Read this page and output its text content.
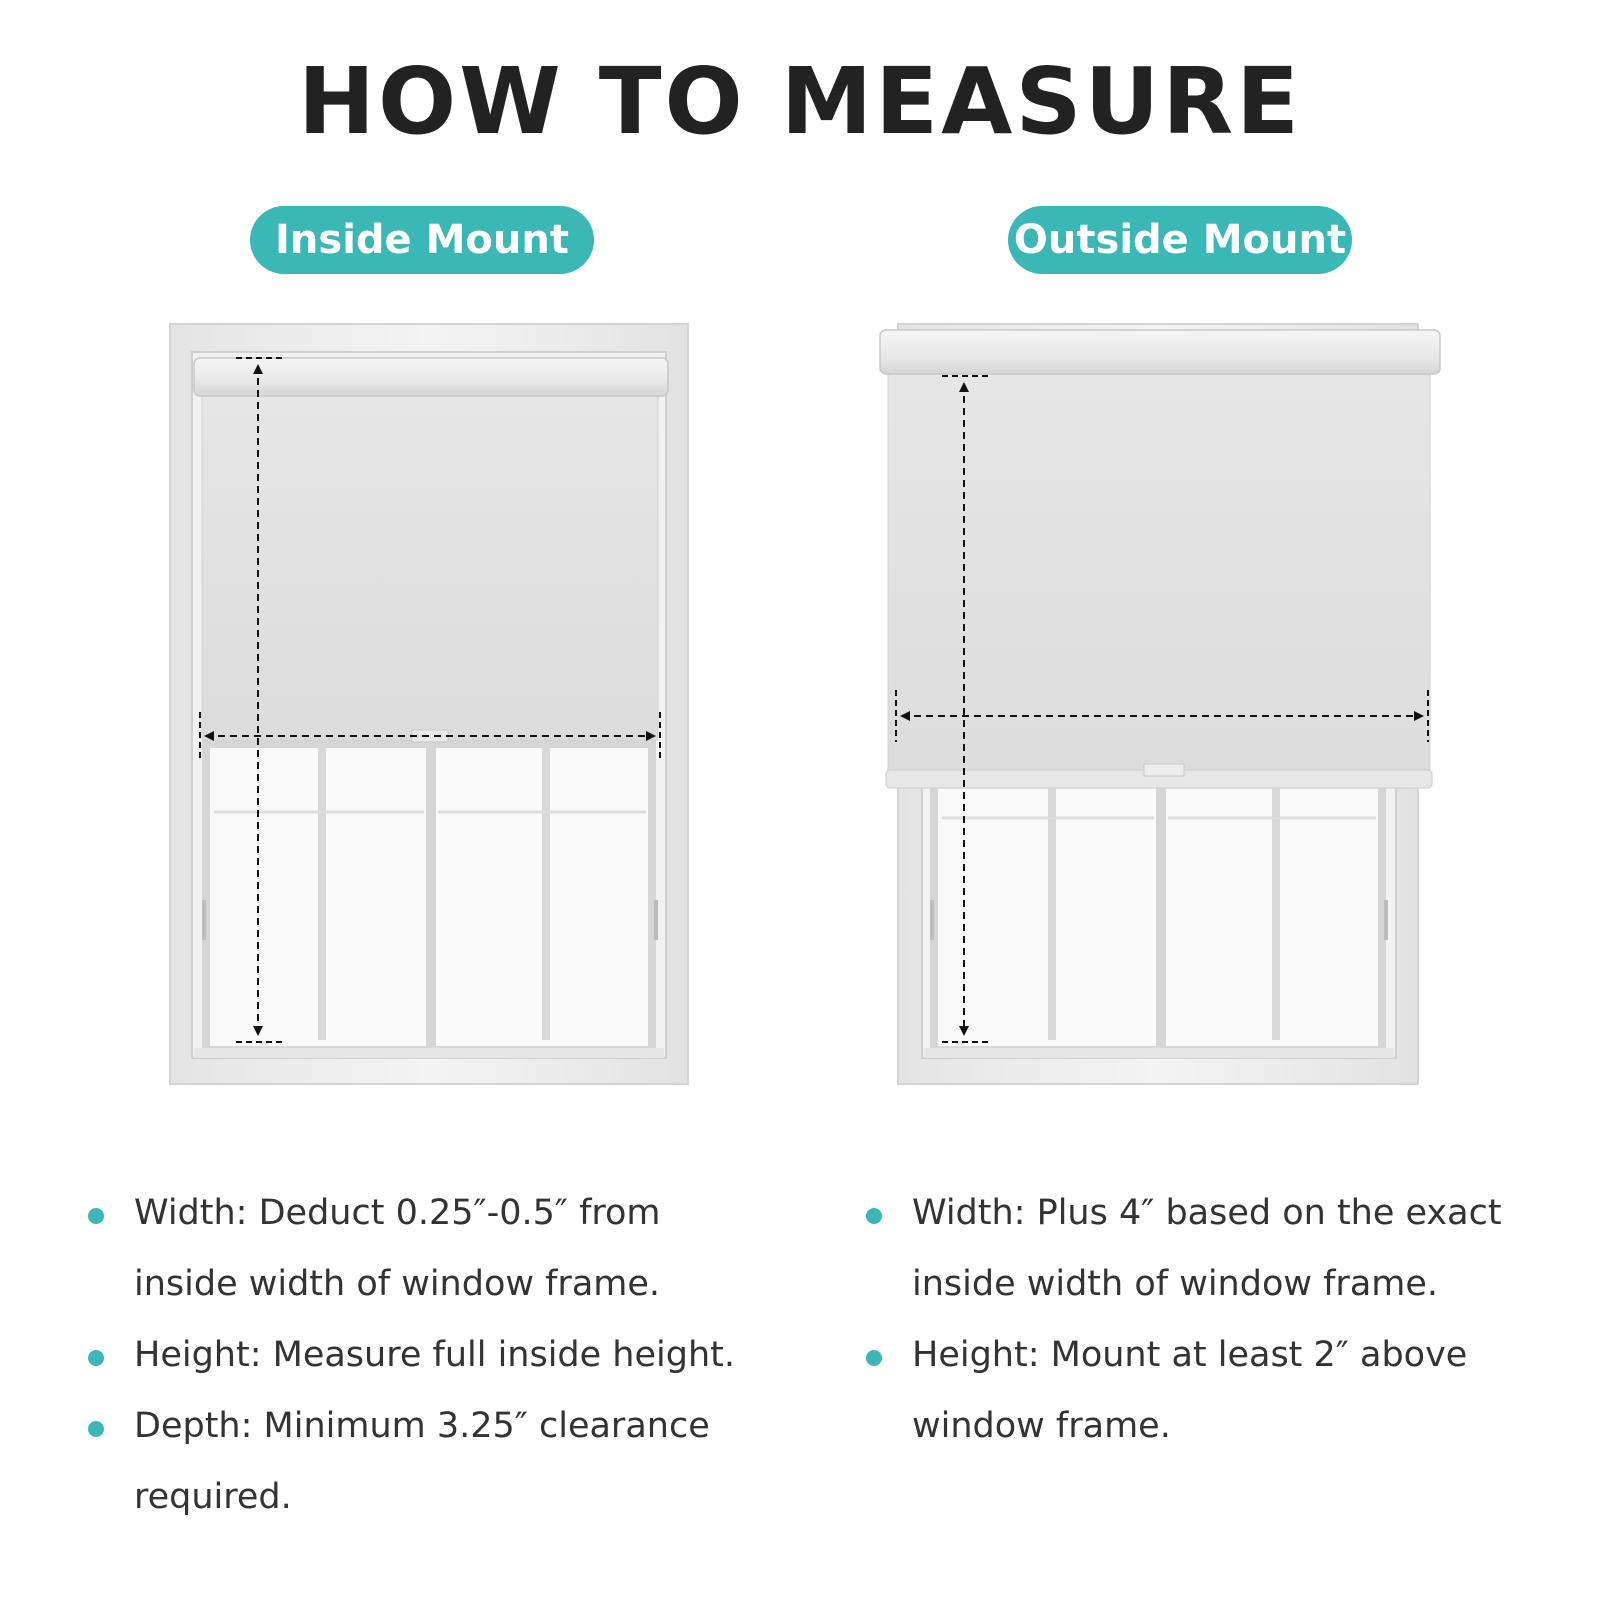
HOW TO MEASURE
Inside Mount	Outside Mount
Width: Deduct 0.25″-0.5″ from inside width of window frame.
Height: Measure full inside height.
Depth: Minimum 3.25″ clearance required.
Width: Plus 4″ based on the exact inside width of window frame.
Height: Mount at least 2″ above window frame.
